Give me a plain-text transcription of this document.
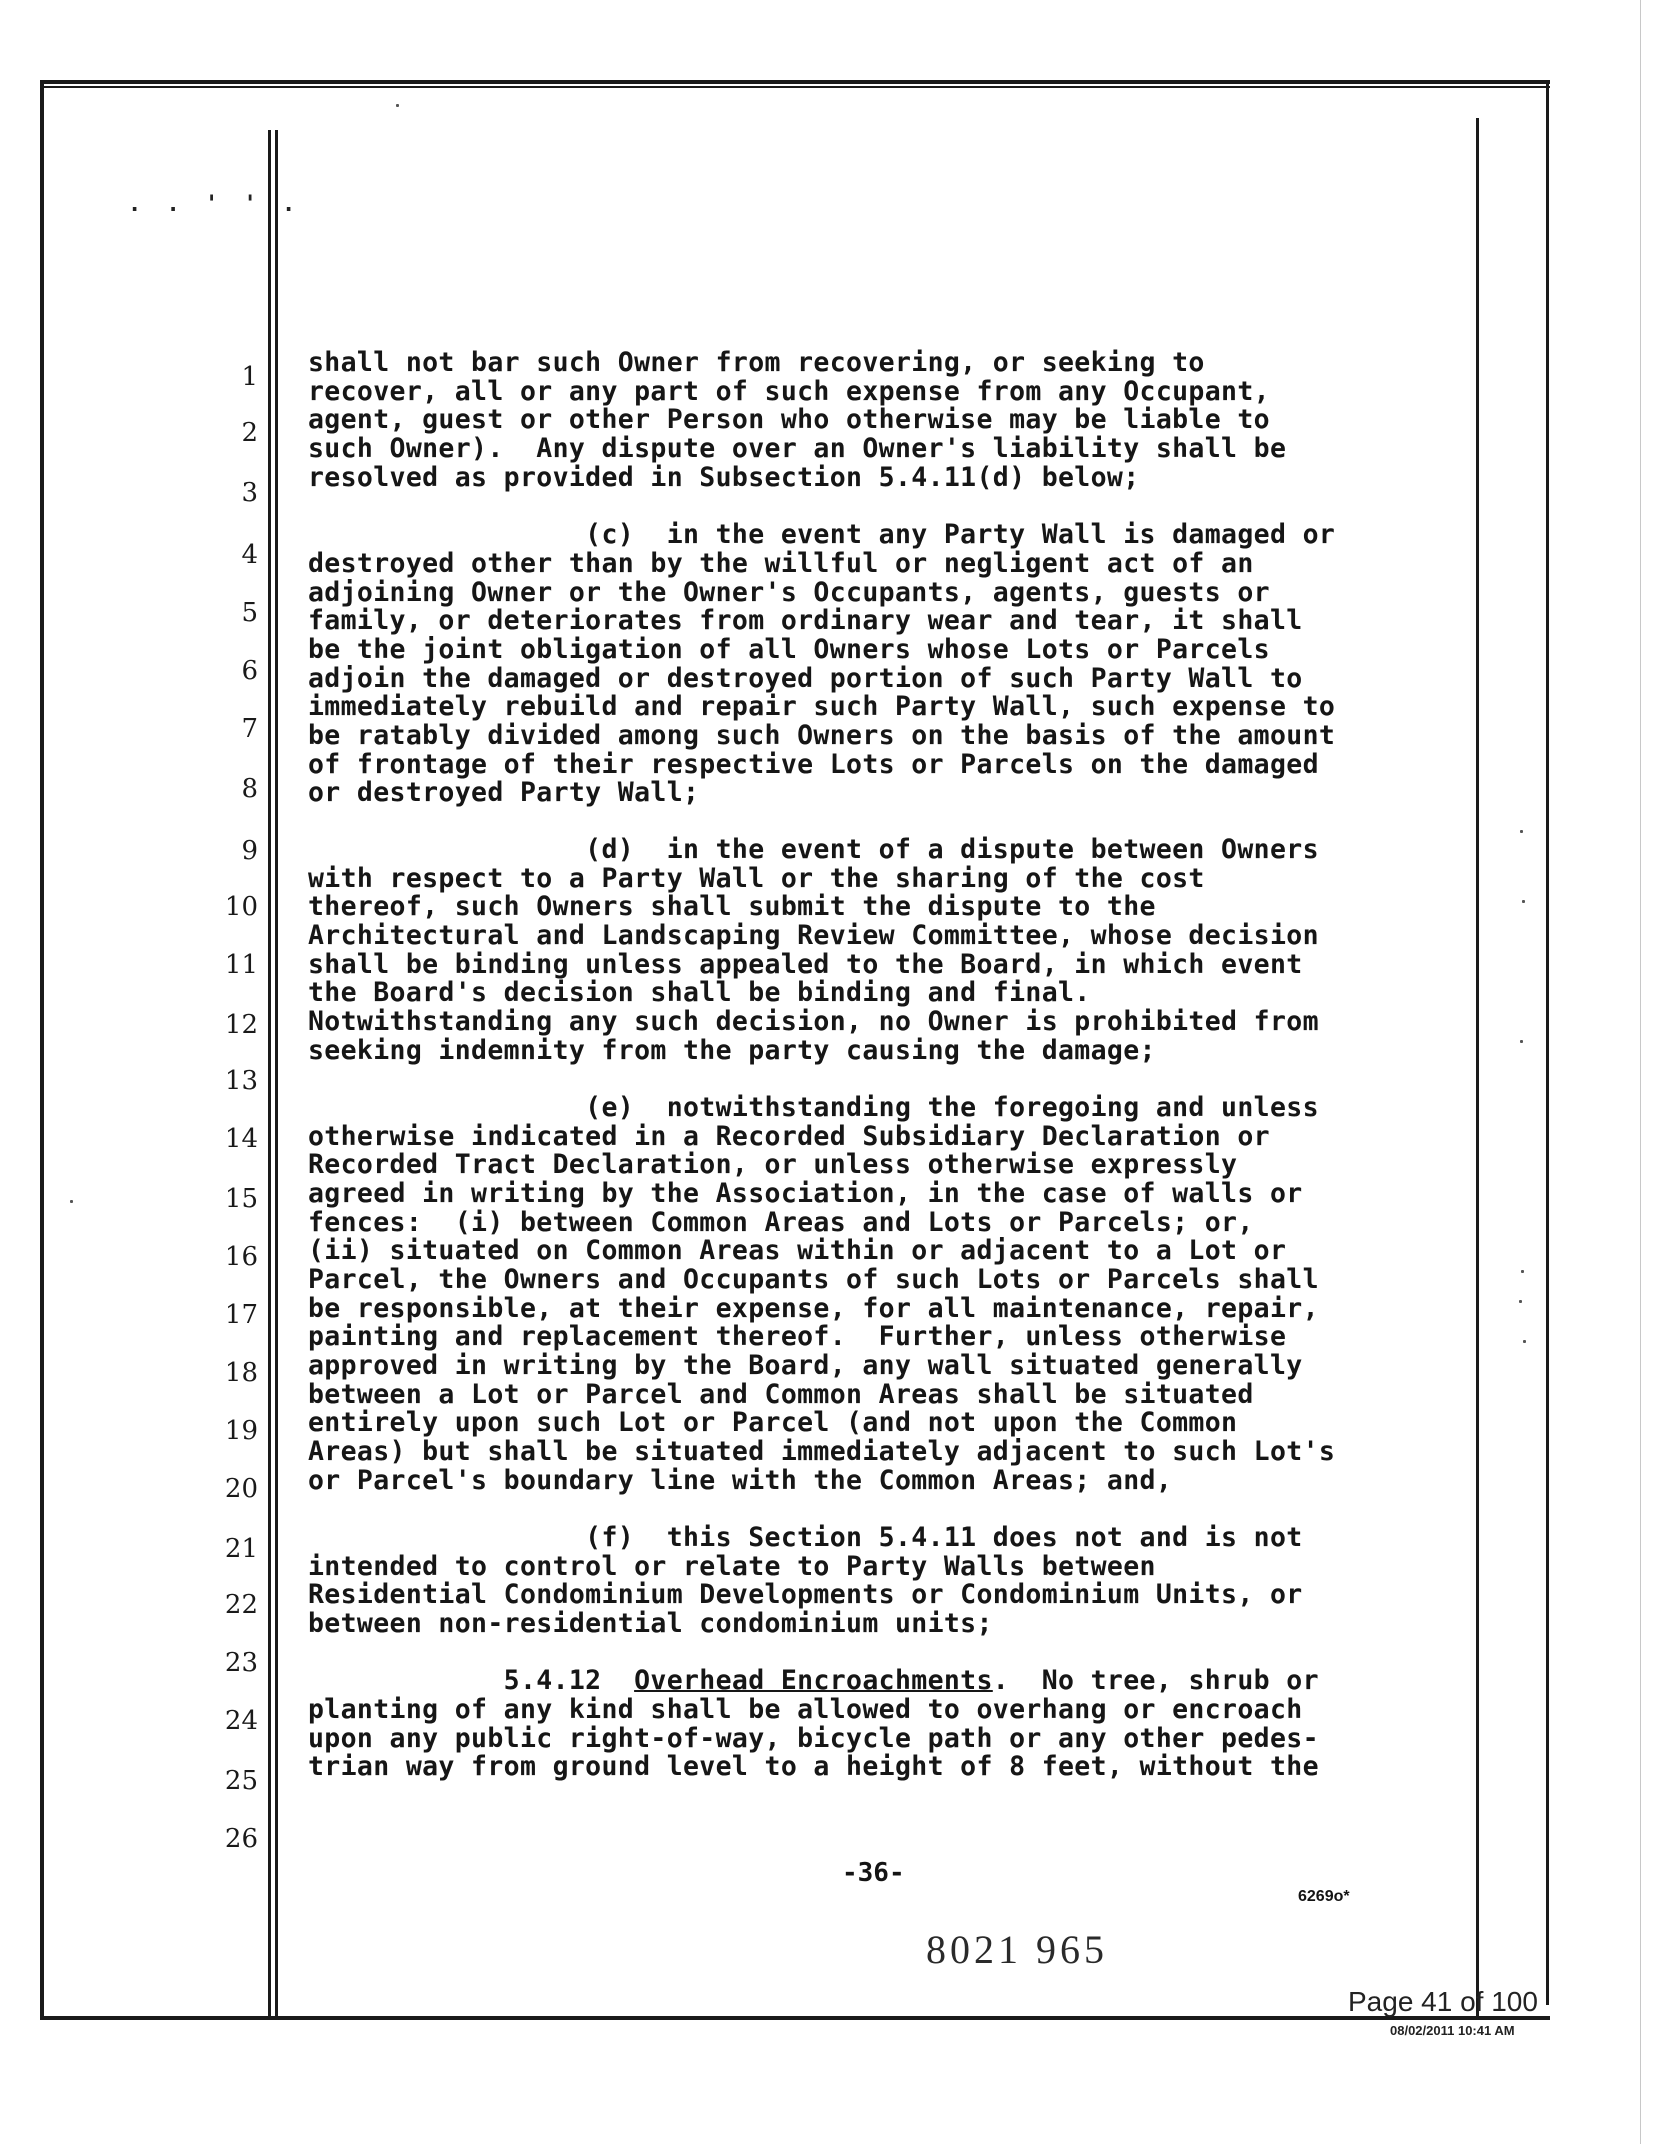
. . ' ' .
1
2
3
4
5
6
7
8
9
10
11
12
13
14
15
16
17
18
19
20
21
22
23
24
25
26
shall not bar such Owner from recovering, or seeking to
recover, all or any part of such expense from any Occupant,
agent, guest or other Person who otherwise may be liable to
such Owner).  Any dispute over an Owner's liability shall be
resolved as provided in Subsection 5.4.11(d) below;
(c)  in the event any Party Wall is damaged or
destroyed other than by the willful or negligent act of an
adjoining Owner or the Owner's Occupants, agents, guests or
family, or deteriorates from ordinary wear and tear, it shall
be the joint obligation of all Owners whose Lots or Parcels
adjoin the damaged or destroyed portion of such Party Wall to
immediately rebuild and repair such Party Wall, such expense to
be ratably divided among such Owners on the basis of the amount
of frontage of their respective Lots or Parcels on the damaged
or destroyed Party Wall;
(d)  in the event of a dispute between Owners
with respect to a Party Wall or the sharing of the cost
thereof, such Owners shall submit the dispute to the
Architectural and Landscaping Review Committee, whose decision
shall be binding unless appealed to the Board, in which event
the Board's decision shall be binding and final.
Notwithstanding any such decision, no Owner is prohibited from
seeking indemnity from the party causing the damage;
(e)  notwithstanding the foregoing and unless
otherwise indicated in a Recorded Subsidiary Declaration or
Recorded Tract Declaration, or unless otherwise expressly
agreed in writing by the Association, in the case of walls or
fences:  (i) between Common Areas and Lots or Parcels; or,
(ii) situated on Common Areas within or adjacent to a Lot or
Parcel, the Owners and Occupants of such Lots or Parcels shall
be responsible, at their expense, for all maintenance, repair,
painting and replacement thereof.  Further, unless otherwise
approved in writing by the Board, any wall situated generally
between a Lot or Parcel and Common Areas shall be situated
entirely upon such Lot or Parcel (and not upon the Common
Areas) but shall be situated immediately adjacent to such Lot's
or Parcel's boundary line with the Common Areas; and,
(f)  this Section 5.4.11 does not and is not
intended to control or relate to Party Walls between
Residential Condominium Developments or Condominium Units, or
between non-residential condominium units;
5.4.12  Overhead Encroachments.  No tree, shrub or
planting of any kind shall be allowed to overhang or encroach
upon any public right-of-way, bicycle path or any other pedes-
trian way from ground level to a height of 8 feet, without the
-36-
6269o*
8021 965
Page 41 of 100
08/02/2011 10:41 AM
